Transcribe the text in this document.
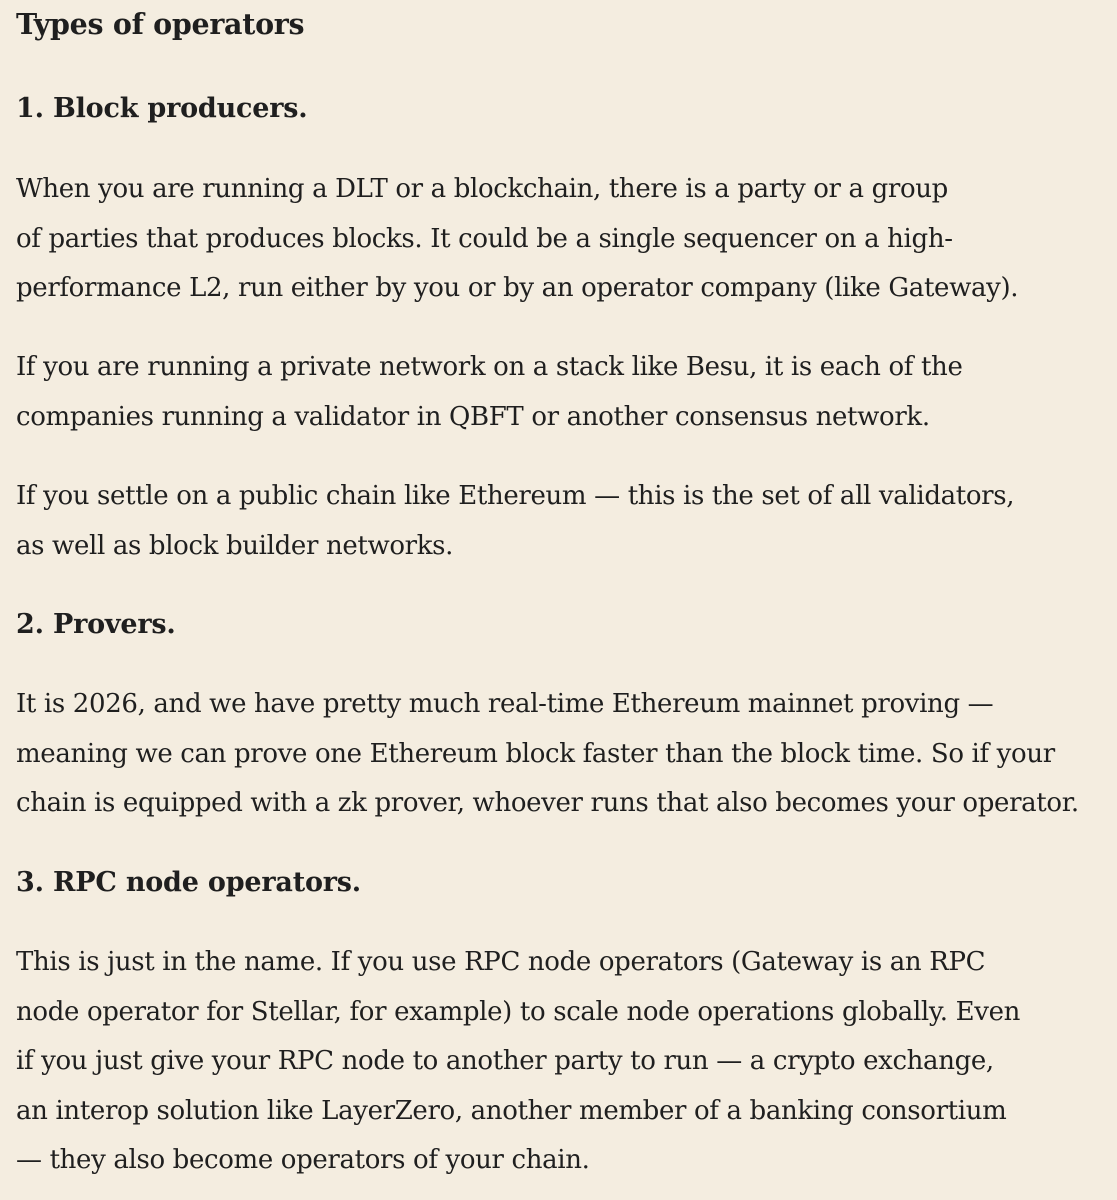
Types of operators
1. Block producers.

When you are running a DLT or a blockchain, there is a party or a group
of parties that produces blocks. It could be a single sequencer on a high-
performance L2, run either by you or by an operator company (like Gateway).

If you are running a private network on a stack like Besu, it is each of the
companies running a validator in QBFT or another consensus network.

If you settle on a public chain like Ethereum — this is the set of all validators,
as well as block builder networks.

2. Provers.

It is 2026, and we have pretty much real-time Ethereum mainnet proving —
meaning we can prove one Ethereum block faster than the block time. So if your
chain is equipped with a zk prover, whoever runs that also becomes your operator.

3. RPC node operators.

This is just in the name. If you use RPC node operators (Gateway is an RPC
node operator for Stellar, for example) to scale node operations globally. Even
if you just give your RPC node to another party to run — a crypto exchange,
an interop solution like LayerZero, another member of a banking consortium
— they also become operators of your chain.
